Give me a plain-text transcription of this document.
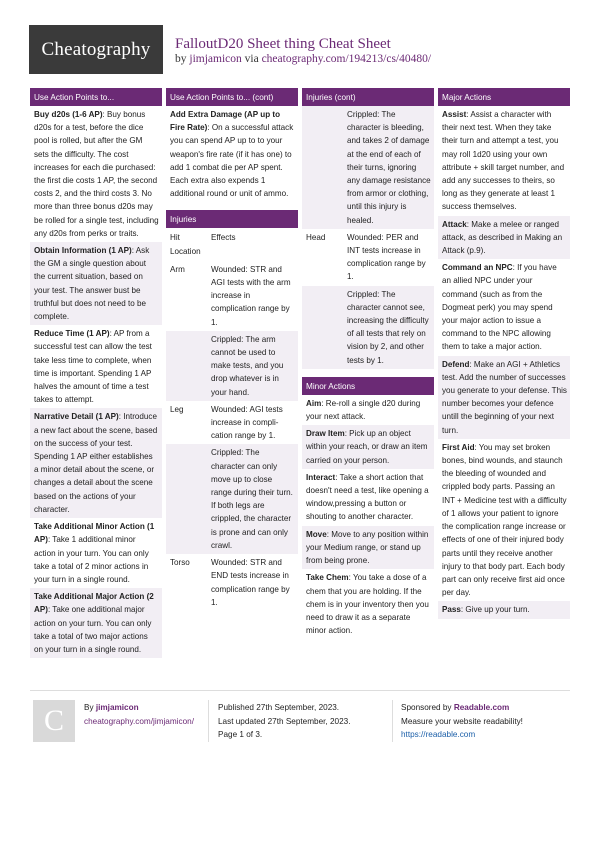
Cheatography FalloutD20 Sheet thing Cheat Sheet
by jimjamicon via cheatography.com/194213/cs/40480/
Use Action Points to...
Buy d20s (1-6 AP): Buy bonus d20s for a test, before the dice pool is rolled, but after the GM sets the difficulty. The cost increases for each die purchased: the first die costs 1 AP, the second costs 2, and the third costs 3. No more than three bonus d20s may be rolled for a single test, including any d20s from perks or traits.
Obtain Information (1 AP): Ask the GM a single question about the current situation, based on your test. The answer bust be truthful but does not need to be complete.
Reduce Time (1 AP): AP from a successful test can allow the test take less time to complete, when time is important. Spending 1 AP halves the amount of time a test takes to attempt.
Narrative Detail (1 AP): Introduce a new fact about the scene, based on the success of your test. Spending 1 AP either establishes a minor detail about the scene, or changes a detail about the scene based on the actions of your character.
Take Additional Minor Action (1 AP): Take 1 additional minor action in your turn. You can only take a total of 2 minor actions in your turn in a single round.
Take Additional Major Action (2 AP): Take one additional major action on your turn. You can only take a total of two major actions on your turn in a single round.
Use Action Points to... (cont)
Add Extra Damage (AP up to Fire Rate): On a successful attack you can spend AP up to to your weapon's fire rate (if it has one) to add 1 combat die per AP spent. Each extra also expends 1 additional round or unit of ammo.
Injuries
Hit Location	Effects
Arm	Wounded: STR and AGI tests with the arm increase in complication range by 1.
	Crippled: The arm cannot be used to make tests, and you drop whatever is in your hand.
Leg	Wounded: AGI tests increase in complication range by 1.
	Crippled: The character can only move up to close range during their turn. If both legs are crippled, the character is prone and can only crawl.
Torso	Wounded: STR and END tests increase in complication range by 1.
Injuries (cont)
	Crippled: The character is bleeding, and takes 2 of damage at the end of each of their turns, ignoring any damage resistance from armor or clothing, until this injury is healed.
Head	Wounded: PER and INT tests increase in complication range by 1.
	Crippled: The character cannot see, increasing the difficulty of all tests that rely on vision by 2, and other tests by 1.
Minor Actions
Aim: Re-roll a single d20 during your next attack.
Draw Item: Pick up an object within your reach, or draw an item carried on your person.
Interact: Take a short action that doesn't need a test, like opening a window,pressing a button or shouting to another character.
Move: Move to any position within your Medium range, or stand up from being prone.
Take Chem: You take a dose of a chem that you are holding. If the chem is in your inventory then you need to draw it as a separate minor action.
Major Actions
Assist: Assist a character with their next test. When they take their turn and attempt a test, you may roll 1d20 using your own attribute + skill target number, and add any successes to theirs, so long as they generate at least 1 success themselves.
Attack: Make a melee or ranged attack, as described in Making an Attack (p.9).
Command an NPC: If you have an allied NPC under your command (such as from the Dogmeat perk) you may spend your major action to issue a command to the NPC allowing them to take a major action.
Defend: Make an AGI + Athletics test. Add the number of successes you generate to your defense. This number becomes your defence untill the beginning of your next turn.
First Aid: You may set broken bones, bind wounds, and staunch the bleeding of wounded and crippled body parts. Passing an INT + Medicine test with a difficulty of 1 allows your patient to ignore the complication range increase or effects of one of their injured body parts until they receive another injury to that body part. Each body part can only receive first aid once per day.
Pass: Give up your turn.
C	By jimjamicon
cheatography.com/jimjamicon/
Published 27th September, 2023.
Last updated 27th September, 2023.
Page 1 of 3.
Sponsored by Readable.com
Measure your website readability!
https://readable.com
